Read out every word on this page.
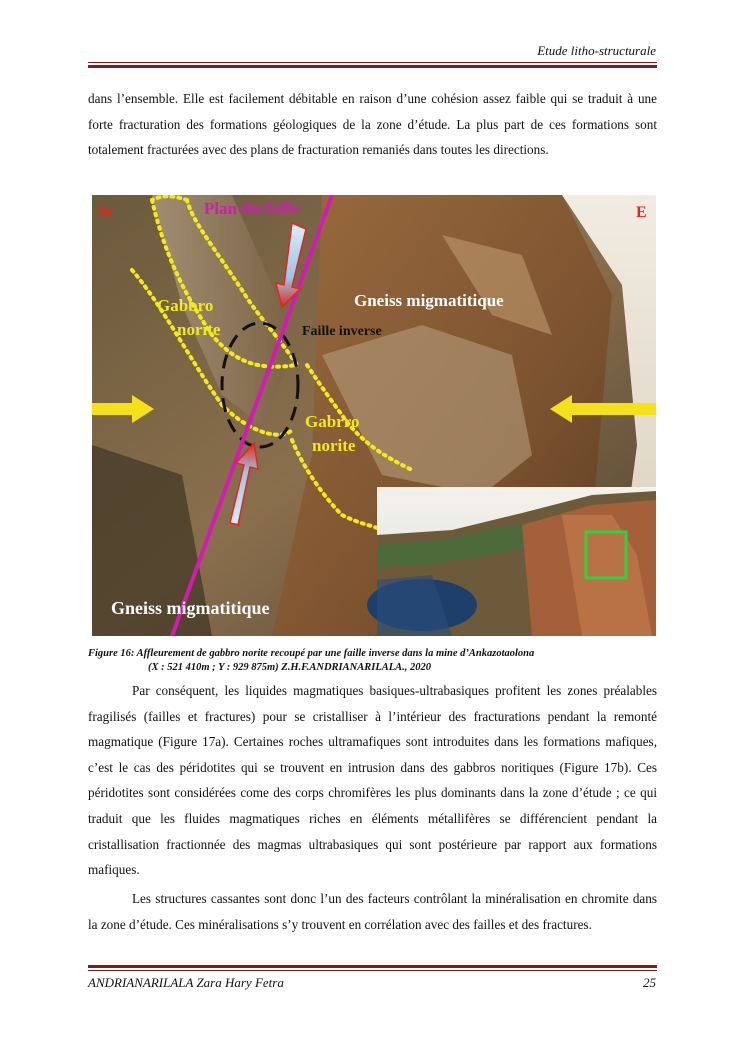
Etude litho-structurale

dans l’ensemble. Elle est facilement débitable en raison d’une cohésion assez faible qui se traduit à une forte fracturation des formations géologiques de la zone d’étude. La plus part de ces formations sont totalement fracturées avec des plans de fracturation remaniés dans toutes les directions.

W	E
Plan du faille
Gneiss migmatitique
Faille inverse
Gabbro
norite
Gabrro
norite
Gneiss migmatitique
Figure 16: Affleurement de gabbro norite recoupé par une faille inverse dans la mine d’Ankazotaolona
(X : 521 410m ; Y : 929 875m) Z.H.F.ANDRIANARILALA., 2020

Par conséquent, les liquides magmatiques basiques-ultrabasiques profitent les zones préalables fragilisés (failles et fractures) pour se cristalliser à l’intérieur des fracturations pendant la remonté magmatique (Figure 17a). Certaines roches ultramafiques sont introduites dans les formations mafiques, c’est le cas des péridotites qui se trouvent en intrusion dans des gabbros noritiques (Figure 17b). Ces péridotites sont considérées come des corps chromifères les plus dominants dans la zone d’étude ; ce qui traduit que les fluides magmatiques riches en éléments métallifères se différencient pendant la cristallisation fractionnée des magmas ultrabasiques qui sont postérieure par rapport aux formations mafiques.

Les structures cassantes sont donc l’un des facteurs contrôlant la minéralisation en chromite dans la zone d’étude. Ces minéralisations s’y trouvent en corrélation avec des failles et des fractures.

ANDRIANARILALA Zara Hary Fetra	25
